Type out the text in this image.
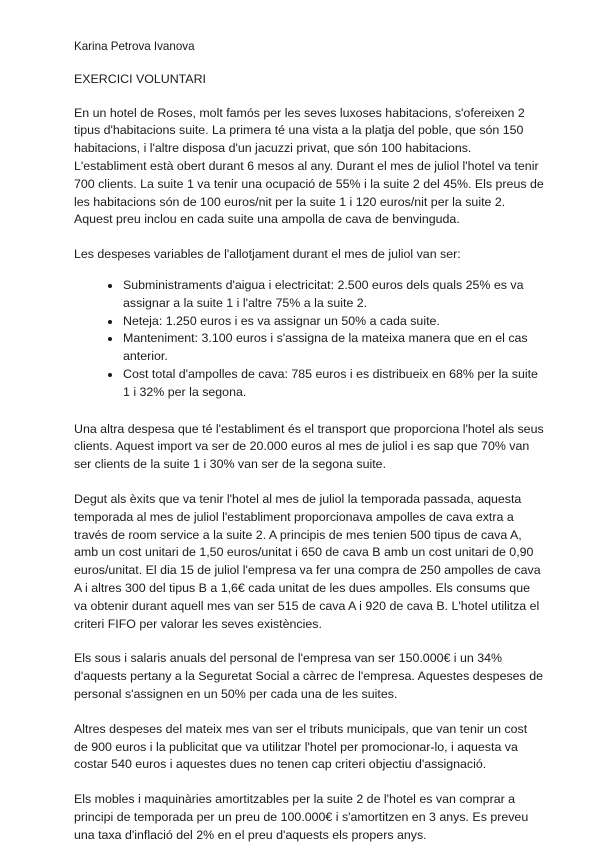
Karina Petrova Ivanova
EXERCICI VOLUNTARI

En un hotel de Roses, molt famós per les seves luxoses habitacions, s'ofereixen 2 tipus d'habitacions suite. La primera té una vista a la platja del poble, que són 150 habitacions, i l'altre disposa d'un jacuzzi privat, que són 100 habitacions. L'establiment està obert durant 6 mesos al any. Durant el mes de juliol l'hotel va tenir 700 clients. La suite 1 va tenir una ocupació de 55% i la suite 2 del 45%. Els preus de les habitacions són de 100 euros/nit per la suite 1 i 120 euros/nit per la suite 2. Aquest preu inclou en cada suite una ampolla de cava de benvinguda.

Les despeses variables de l'allotjament durant el mes de juliol van ser:

• Subministraments d'aigua i electricitat: 2.500 euros dels quals 25% es va assignar a la suite 1 i l'altre 75% a la suite 2.
• Neteja: 1.250 euros i es va assignar un 50% a cada suite.
• Manteniment: 3.100 euros i s'assigna de la mateixa manera que en el cas anterior.
• Cost total d'ampolles de cava: 785 euros i es distribueix en 68% per la suite 1 i 32% per la segona.

Una altra despesa que té l'establiment és el transport que proporciona l'hotel als seus clients. Aquest import va ser de 20.000 euros al mes de juliol i es sap que 70% van ser clients de la suite 1 i 30% van ser de la segona suite.

Degut als èxits que va tenir l'hotel al mes de juliol la temporada passada, aquesta temporada al mes de juliol l'establiment proporcionava ampolles de cava extra a través de room service a la suite 2. A principis de mes tenien 500 tipus de cava A, amb un cost unitari de 1,50 euros/unitat i 650 de cava B amb un cost unitari de 0,90 euros/unitat. El dia 15 de juliol l'empresa va fer una compra de 250 ampolles de cava A i altres 300 del tipus B a 1,6€ cada unitat de les dues ampolles. Els consums que va obtenir durant aquell mes van ser 515 de cava A i 920 de cava B. L'hotel utilitza el criteri FIFO per valorar les seves existències.

Els sous i salaris anuals del personal de l'empresa van ser 150.000€ i un 34% d'aquests pertany a la Seguretat Social a càrrec de l'empresa. Aquestes despeses de personal s'assignen en un 50% per cada una de les suites.

Altres despeses del mateix mes van ser el tributs municipals, que van tenir un cost de 900 euros i la publicitat que va utilitzar l'hotel per promocionar-lo, i aquesta va costar 540 euros i aquestes dues no tenen cap criteri objectiu d'assignació.

Els mobles i maquinàries amortitzables per la suite 2 de l'hotel es van comprar a principi de temporada per un preu de 100.000€ i s'amortitzen en 3 anys. Es preveu una taxa d'inflació del 2% en el preu d'aquests els propers anys.
